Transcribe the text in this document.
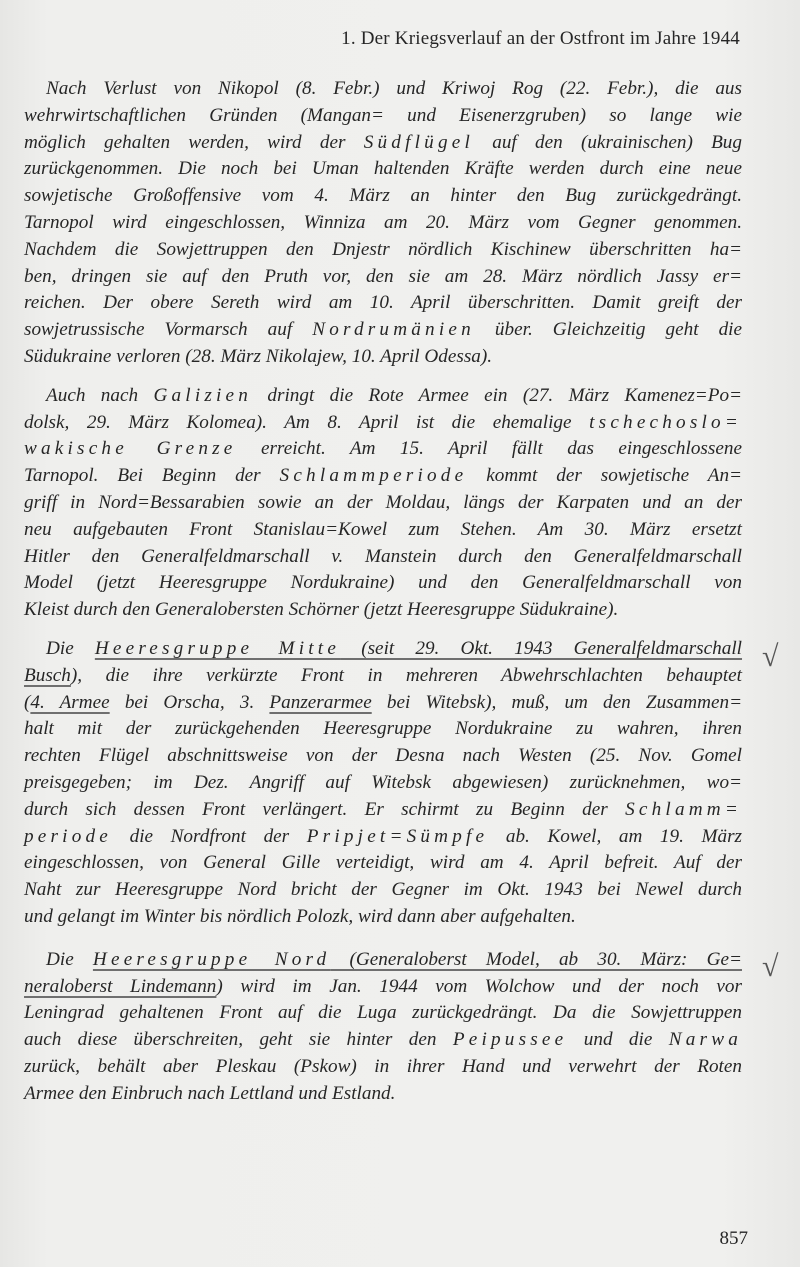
1. Der Kriegsverlauf an der Ostfront im Jahre 1944
Nach Verlust von Nikopol (8. Febr.) und Kriwoj Rog (22. Febr.), die aus
wehrwirtschaftlichen Gründen (Mangan= und Eisenerzgruben) so lange wie
möglich gehalten werden, wird der Südflügel auf den (ukrainischen) Bug
zurückgenommen. Die noch bei Uman haltenden Kräfte werden durch eine neue
sowjetische Großoffensive vom 4. März an hinter den Bug zurückgedrängt.
Tarnopol wird eingeschlossen, Winniza am 20. März vom Gegner genommen.
Nachdem die Sowjettruppen den Dnjestr nördlich Kischinew überschritten ha=
ben, dringen sie auf den Pruth vor, den sie am 28. März nördlich Jassy er=
reichen. Der obere Sereth wird am 10. April überschritten. Damit greift der
sowjetrussische Vormarsch auf Nordrumänien über. Gleichzeitig geht die
Südukraine verloren (28. März Nikolajew, 10. April Odessa).
Auch nach Galizien dringt die Rote Armee ein (27. März Kamenez=Po=
dolsk, 29. März Kolomea). Am 8. April ist die ehemalige tschechoslo=
wakische Grenze erreicht. Am 15. April fällt das eingeschlossene
Tarnopol. Bei Beginn der Schlammperiode kommt der sowjetische An=
griff in Nord=Bessarabien sowie an der Moldau, längs der Karpaten und an der
neu aufgebauten Front Stanislau=Kowel zum Stehen. Am 30. März ersetzt
Hitler den Generalfeldmarschall v. Manstein durch den Generalfeldmarschall
Model (jetzt Heeresgruppe Nordukraine) und den Generalfeldmarschall von
Kleist durch den Generalobersten Schörner (jetzt Heeresgruppe Südukraine).
Die Heeresgruppe Mitte (seit 29. Okt. 1943 Generalfeldmarschall
Busch), die ihre verkürzte Front in mehreren Abwehrschlachten behauptet
(4. Armee bei Orscha, 3. Panzerarmee bei Witebsk), muß, um den Zusammen=
halt mit der zurückgehenden Heeresgruppe Nordukraine zu wahren, ihren
rechten Flügel abschnittsweise von der Desna nach Westen (25. Nov. Gomel
preisgegeben; im Dez. Angriff auf Witebsk abgewiesen) zurücknehmen, wo=
durch sich dessen Front verlängert. Er schirmt zu Beginn der Schlamm=
periode die Nordfront der Pripjet=Sümpfe ab. Kowel, am 19. März
eingeschlossen, von General Gille verteidigt, wird am 4. April befreit. Auf der
Naht zur Heeresgruppe Nord bricht der Gegner im Okt. 1943 bei Newel durch
und gelangt im Winter bis nördlich Polozk, wird dann aber aufgehalten.
Die Heeresgruppe Nord (Generaloberst Model, ab 30. März: Ge=
neraloberst Lindemann) wird im Jan. 1944 vom Wolchow und der noch vor
Leningrad gehaltenen Front auf die Luga zurückgedrängt. Da die Sowjettruppen
auch diese überschreiten, geht sie hinter den Peipussee und die Narwa
zurück, behält aber Pleskau (Pskow) in ihrer Hand und verwehrt der Roten
Armee den Einbruch nach Lettland und Estland.
√
√
857
